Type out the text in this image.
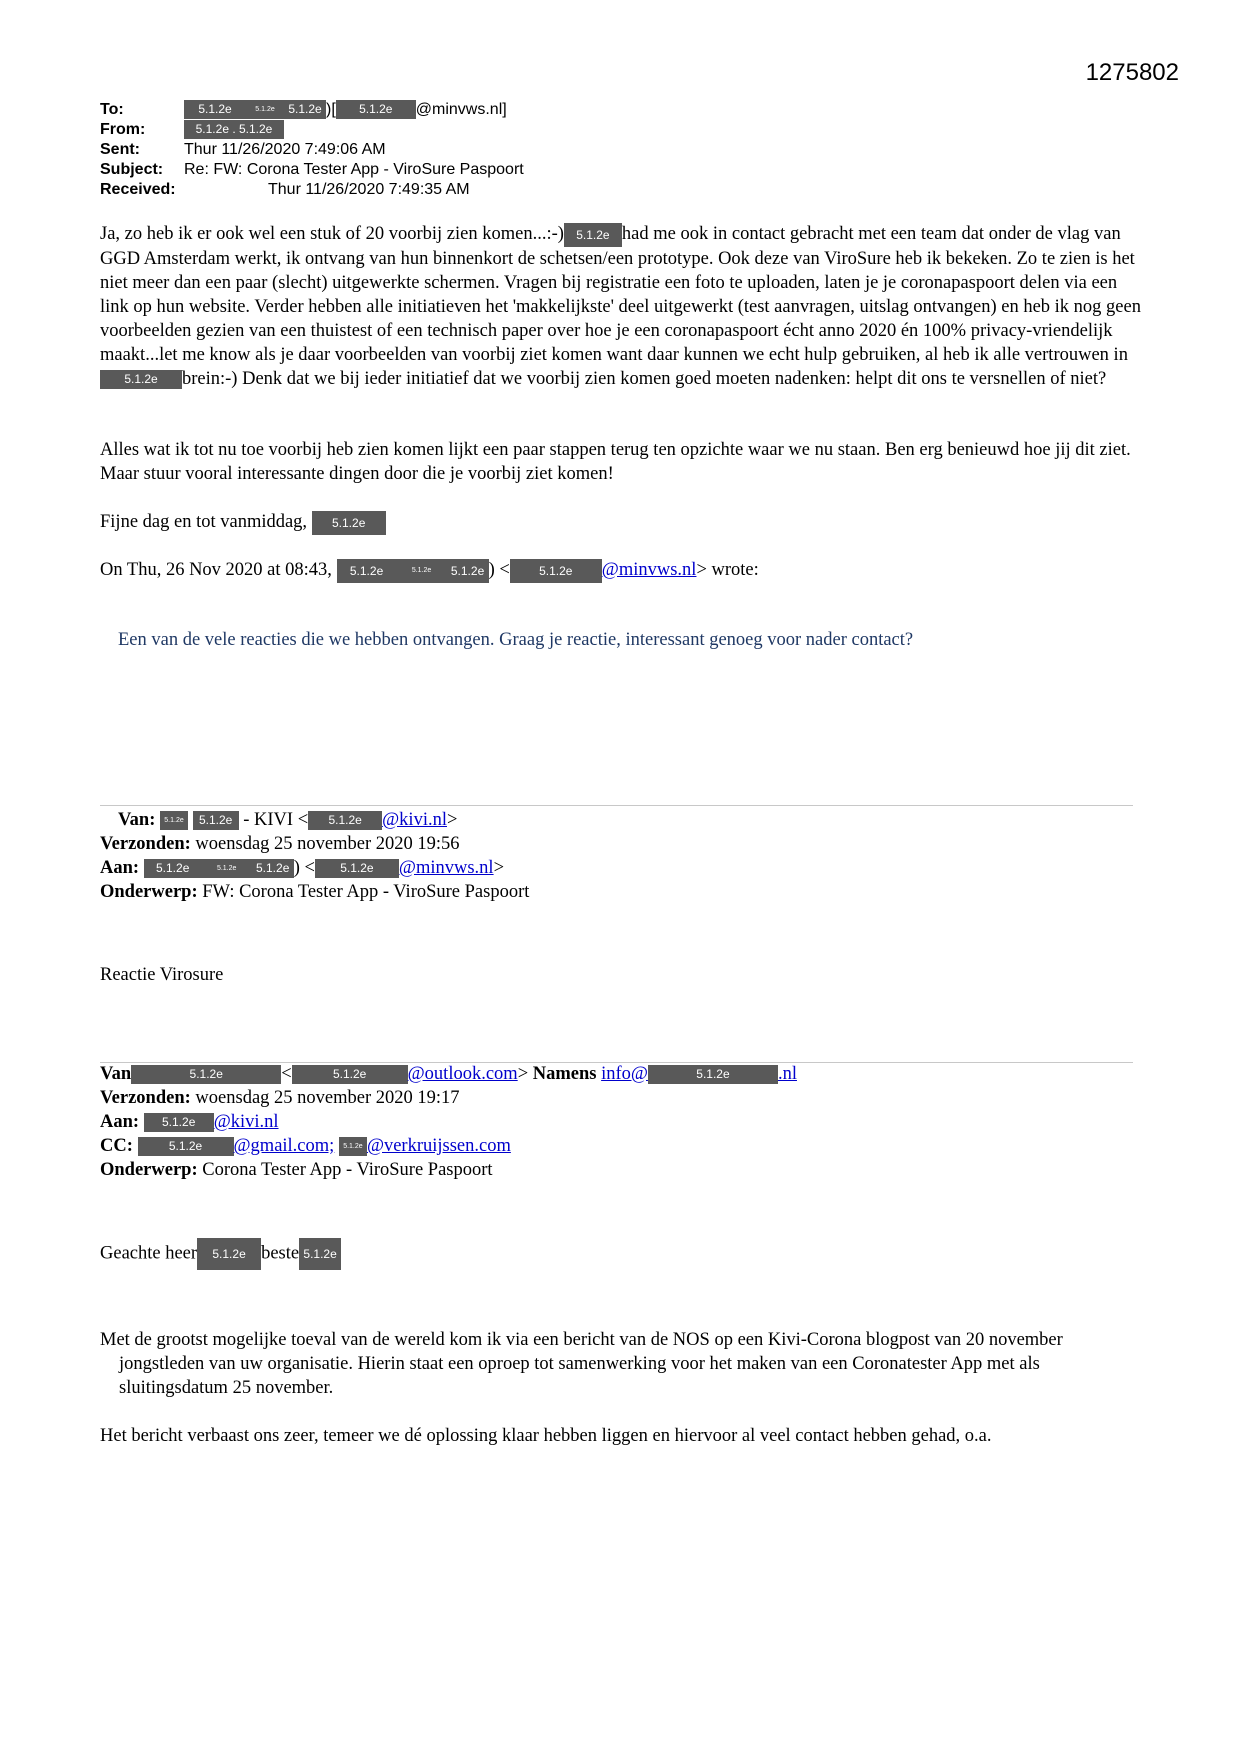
1275802
To:	5.1.2e	5.1.2e 5.1.2e )[ 5.1.2e @minvws.nl]
From:	5.1.2e . 5.1.2e
Sent:	Thur 11/26/2020 7:49:06 AM
Subject:	Re: FW: Corona Tester App - ViroSure Paspoort
Received:	Thur 11/26/2020 7:49:35 AM
Ja, zo heb ik er ook wel een stuk of 20 voorbij zien komen...:-) 5.1.2e had me ook in contact gebracht met een team dat onder de vlag van GGD Amsterdam werkt, ik ontvang van hun binnenkort de schetsen/een prototype. Ook deze van ViroSure heb ik bekeken. Zo te zien is het niet meer dan een paar (slecht) uitgewerkte schermen. Vragen bij registratie een foto te uploaden, laten je je coronapaspoort delen via een link op hun website. Verder hebben alle initiatieven het 'makkelijkste' deel uitgewerkt (test aanvragen, uitslag ontvangen) en heb ik nog geen voorbeelden gezien van een thuistest of een technisch paper over hoe je een coronapaspoort écht anno 2020 én 100% privacy-vriendelijk maakt...let me know als je daar voorbeelden van voorbij ziet komen want daar kunnen we echt hulp gebruiken, al heb ik alle vertrouwen in5.1.2e brein:-) Denk dat we bij ieder initiatief dat we voorbij zien komen goed moeten nadenken: helpt dit ons te versnellen of niet?
Alles wat ik tot nu toe voorbij heb zien komen lijkt een paar stappen terug ten opzichte waar we nu staan. Ben erg benieuwd hoe jij dit ziet. Maar stuur vooral interessante dingen door die je voorbij ziet komen!
Fijne dag en tot vanmiddag, 5.1.2e
On Thu, 26 Nov 2020 at 08:43, 5.1.2e	5.1.2e 5.1.2e ) < 5.1.2e @minvws.nl> wrote:
Een van de vele reacties die we hebben ontvangen. Graag je reactie, interessant genoeg voor nader contact?
Van: 5.1.2e 5.1.2e - KIVI < 5.1.2e @kivi.nl>
Verzonden: woensdag 25 november 2020 19:56
Aan: 5.1.2e	5.1.2e 5.1.2e ) < 5.1.2e @minvws.nl>
Onderwerp: FW: Corona Tester App - ViroSure Paspoort
Reactie Virosure
Van	5.1.2e	<	5.1.2e @outlook.com> Namens info@	5.1.2e	.nl
Verzonden: woensdag 25 november 2020 19:17
Aan: 5.1.2e @kivi.nl
CC:	5.1.2e @gmail.com; 5.1.2e @verkruijssen.com
Onderwerp: Corona Tester App - ViroSure Paspoort
Geachte heer 5.1.2e beste 5.1.2e
Met de grootst mogelijke toeval van de wereld kom ik via een bericht van de NOS op een Kivi-Corona blogpost van 20 november jongstleden van uw organisatie. Hierin staat een oproep tot samenwerking voor het maken van een Coronatester App met als sluitingsdatum 25 november.
Het bericht verbaast ons zeer, temeer we dé oplossing klaar hebben liggen en hiervoor al veel contact hebben gehad, o.a.
